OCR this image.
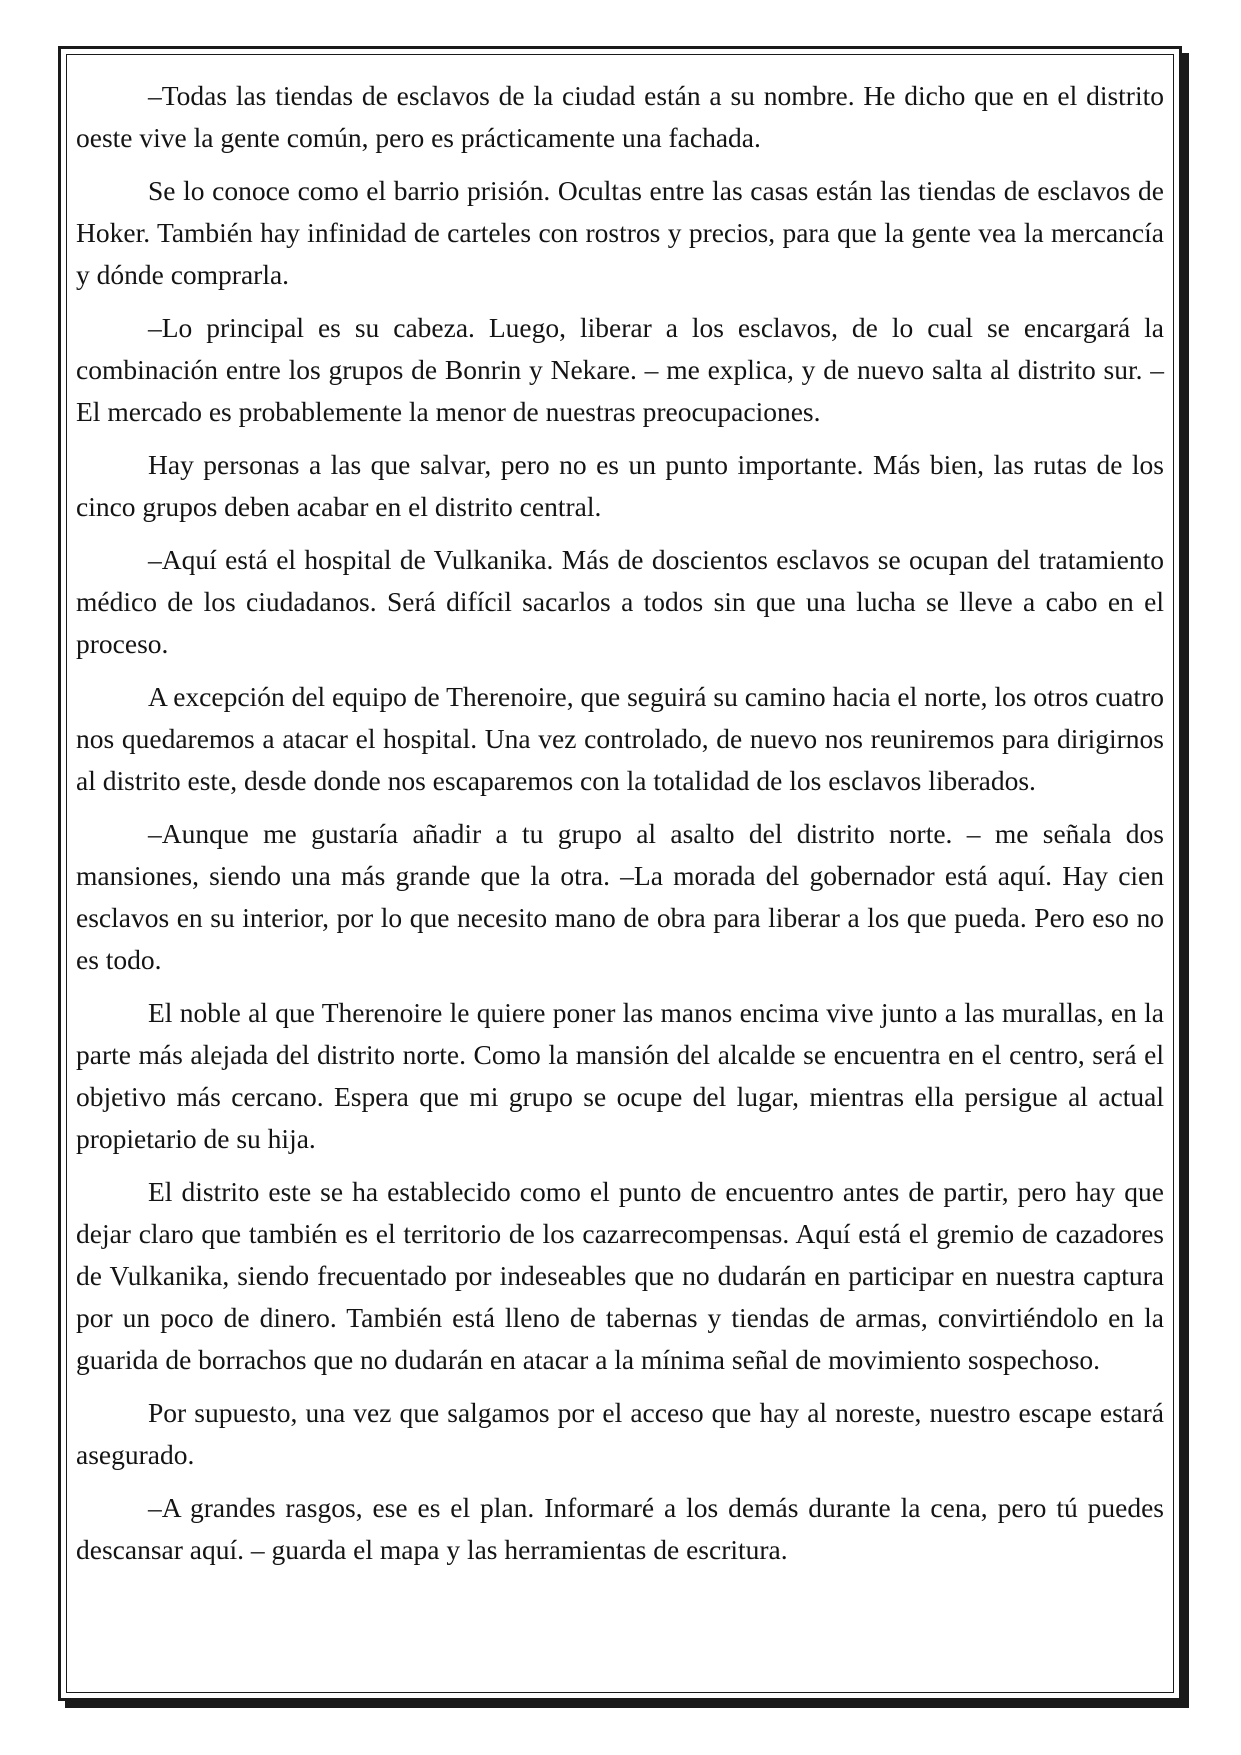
–Todas las tiendas de esclavos de la ciudad están a su nombre. He dicho que en el distrito oeste vive la gente común, pero es prácticamente una fachada.

Se lo conoce como el barrio prisión. Ocultas entre las casas están las tiendas de esclavos de Hoker. También hay infinidad de carteles con rostros y precios, para que la gente vea la mercancía y dónde comprarla.

–Lo principal es su cabeza. Luego, liberar a los esclavos, de lo cual se encargará la combinación entre los grupos de Bonrin y Nekare. – me explica, y de nuevo salta al distrito sur. –El mercado es probablemente la menor de nuestras preocupaciones.

Hay personas a las que salvar, pero no es un punto importante. Más bien, las rutas de los cinco grupos deben acabar en el distrito central.

–Aquí está el hospital de Vulkanika. Más de doscientos esclavos se ocupan del tratamiento médico de los ciudadanos. Será difícil sacarlos a todos sin que una lucha se lleve a cabo en el proceso.

A excepción del equipo de Therenoire, que seguirá su camino hacia el norte, los otros cuatro nos quedaremos a atacar el hospital. Una vez controlado, de nuevo nos reuniremos para dirigirnos al distrito este, desde donde nos escaparemos con la totalidad de los esclavos liberados.

–Aunque me gustaría añadir a tu grupo al asalto del distrito norte. – me señala dos mansiones, siendo una más grande que la otra. –La morada del gobernador está aquí. Hay cien esclavos en su interior, por lo que necesito mano de obra para liberar a los que pueda. Pero eso no es todo.

El noble al que Therenoire le quiere poner las manos encima vive junto a las murallas, en la parte más alejada del distrito norte. Como la mansión del alcalde se encuentra en el centro, será el objetivo más cercano. Espera que mi grupo se ocupe del lugar, mientras ella persigue al actual propietario de su hija.

El distrito este se ha establecido como el punto de encuentro antes de partir, pero hay que dejar claro que también es el territorio de los cazarrecompensas. Aquí está el gremio de cazadores de Vulkanika, siendo frecuentado por indeseables que no dudarán en participar en nuestra captura por un poco de dinero. También está lleno de tabernas y tiendas de armas, convirtiéndolo en la guarida de borrachos que no dudarán en atacar a la mínima señal de movimiento sospechoso.

Por supuesto, una vez que salgamos por el acceso que hay al noreste, nuestro escape estará asegurado.

–A grandes rasgos, ese es el plan. Informaré a los demás durante la cena, pero tú puedes descansar aquí. – guarda el mapa y las herramientas de escritura.
